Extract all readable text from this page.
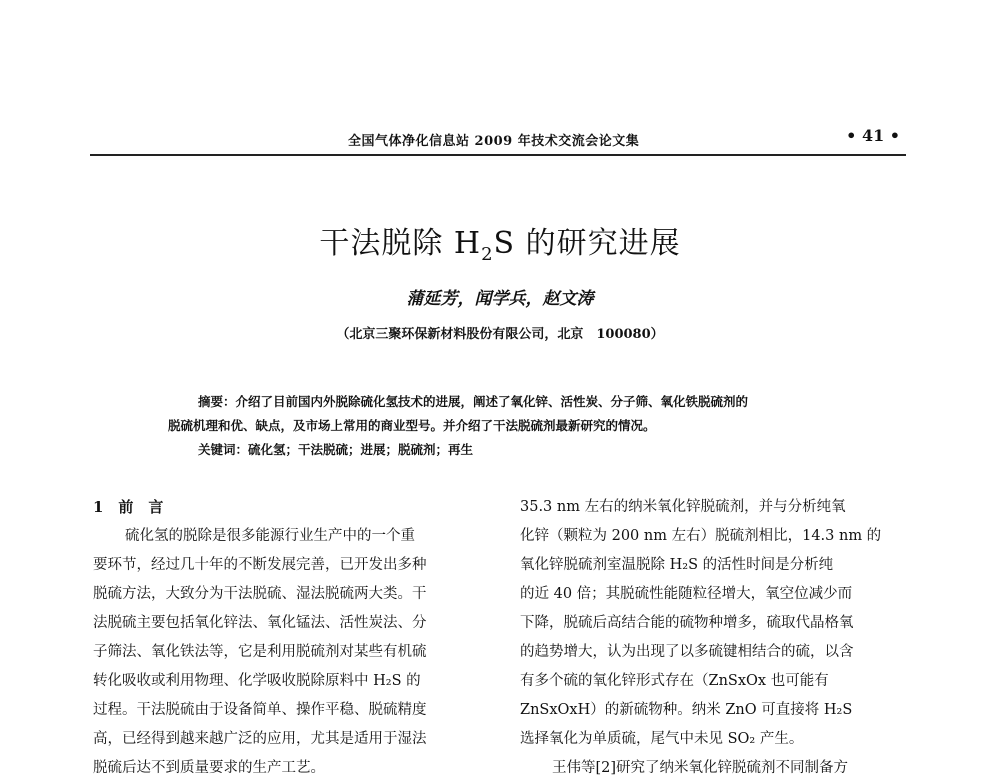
全国气体净化信息站 2009 年技术交流会论文集	• 41 •
干法脱除 $H_2S$ 的研究进展
蒲延芳，闻学兵，赵文涛
（北京三聚环保新材料股份有限公司，北京　100080）
摘要：介绍了目前国内外脱除硫化氢技术的进展，阐述了氧化锌、活性炭、分子筛、氧化铁脱硫剂的
脱硫机理和优、缺点，及市场上常用的商业型号。并介绍了干法脱硫剂最新研究的情况。
关键词：硫化氢；干法脱硫；进展；脱硫剂；再生
1　前　言
硫化氢的脱除是很多能源行业生产中的一个重
要环节，经过几十年的不断发展完善，已开发出多种
脱硫方法，大致分为干法脱硫、湿法脱硫两大类。干
法脱硫主要包括氧化锌法、氧化锰法、活性炭法、分
子筛法、氧化铁法等，它是利用脱硫剂对某些有机硫
转化吸收或利用物理、化学吸收脱除原料中 H₂S 的
过程。干法脱硫由于设备简单、操作平稳、脱硫精度
高，已经得到越来越广泛的应用，尤其是适用于湿法
脱硫后达不到质量要求的生产工艺。
35.3 nm 左右的纳米氧化锌脱硫剂，并与分析纯氧
化锌（颗粒为 200 nm 左右）脱硫剂相比，14.3 nm 的
氧化锌脱硫剂室温脱除 H₂S 的活性时间是分析纯
的近 40 倍；其脱硫性能随粒径增大，氧空位减少而
下降，脱硫后高结合能的硫物种增多，硫取代晶格氧
的趋势增大，认为出现了以多硫键相结合的硫，以含
有多个硫的氧化锌形式存在（ZnSxOx 也可能有
ZnSxOxH）的新硫物种。纳米 ZnO 可直接将 H₂S
选择氧化为单质硫，尾气中未见 SO₂ 产生。
王伟等[2]研究了纳米氧化锌脱硫剂不同制备方
